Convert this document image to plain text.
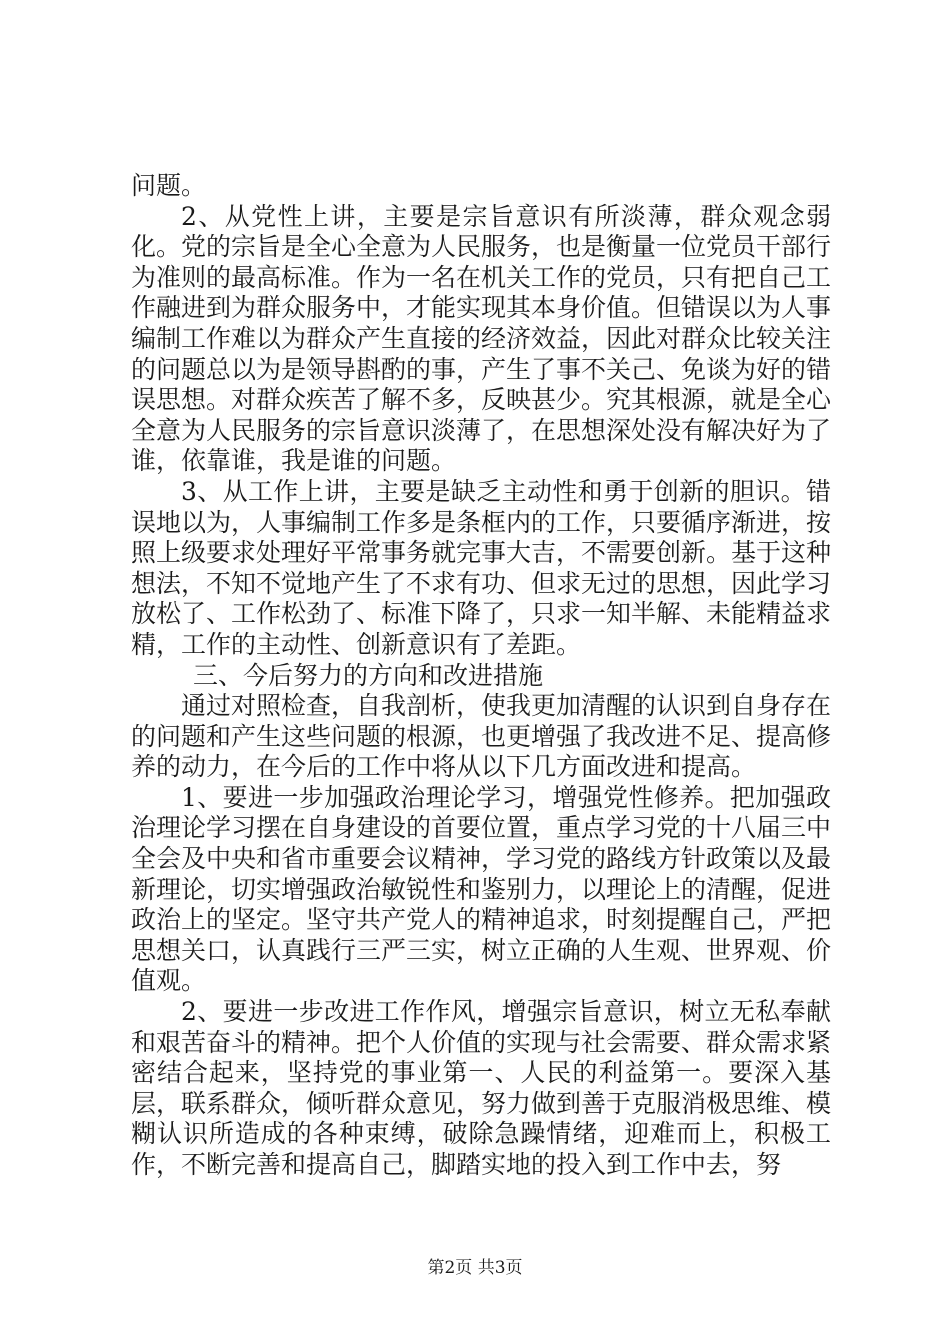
问题。

2、从党性上讲，主要是宗旨意识有所淡薄，群众观念弱化。党的宗旨是全心全意为人民服务，也是衡量一位党员干部行为准则的最高标准。作为一名在机关工作的党员，只有把自己工作融进到为群众服务中，才能实现其本身价值。但错误以为人事编制工作难以为群众产生直接的经济效益，因此对群众比较关注的问题总以为是领导斟酌的事，产生了事不关己、免谈为好的错误思想。对群众疾苦了解不多，反映甚少。究其根源，就是全心全意为人民服务的宗旨意识淡薄了，在思想深处没有解决好为了谁，依靠谁，我是谁的问题。

3、从工作上讲，主要是缺乏主动性和勇于创新的胆识。错误地以为，人事编制工作多是条框内的工作，只要循序渐进，按照上级要求处理好平常事务就完事大吉，不需要创新。基于这种想法，不知不觉地产生了不求有功、但求无过的思想，因此学习放松了、工作松劲了、标准下降了，只求一知半解、未能精益求精，工作的主动性、创新意识有了差距。

三、今后努力的方向和改进措施

通过对照检查，自我剖析，使我更加清醒的认识到自身存在的问题和产生这些问题的根源，也更增强了我改进不足、提高修养的动力，在今后的工作中将从以下几方面改进和提高。

1、要进一步加强政治理论学习，增强党性修养。把加强政治理论学习摆在自身建设的首要位置，重点学习党的十八届三中全会及中央和省市重要会议精神，学习党的路线方针政策以及最新理论，切实增强政治敏锐性和鉴别力，以理论上的清醒，促进政治上的坚定。坚守共产党人的精神追求，时刻提醒自己，严把思想关口，认真践行三严三实，树立正确的人生观、世界观、价值观。

2、要进一步改进工作作风，增强宗旨意识，树立无私奉献和艰苦奋斗的精神。把个人价值的实现与社会需要、群众需求紧密结合起来，坚持党的事业第一、人民的利益第一。要深入基层，联系群众，倾听群众意见，努力做到善于克服消极思维、模糊认识所造成的各种束缚，破除急躁情绪，迎难而上，积极工作，不断完善和提高自己，脚踏实地的投入到工作中去，努

第2页 共3页
